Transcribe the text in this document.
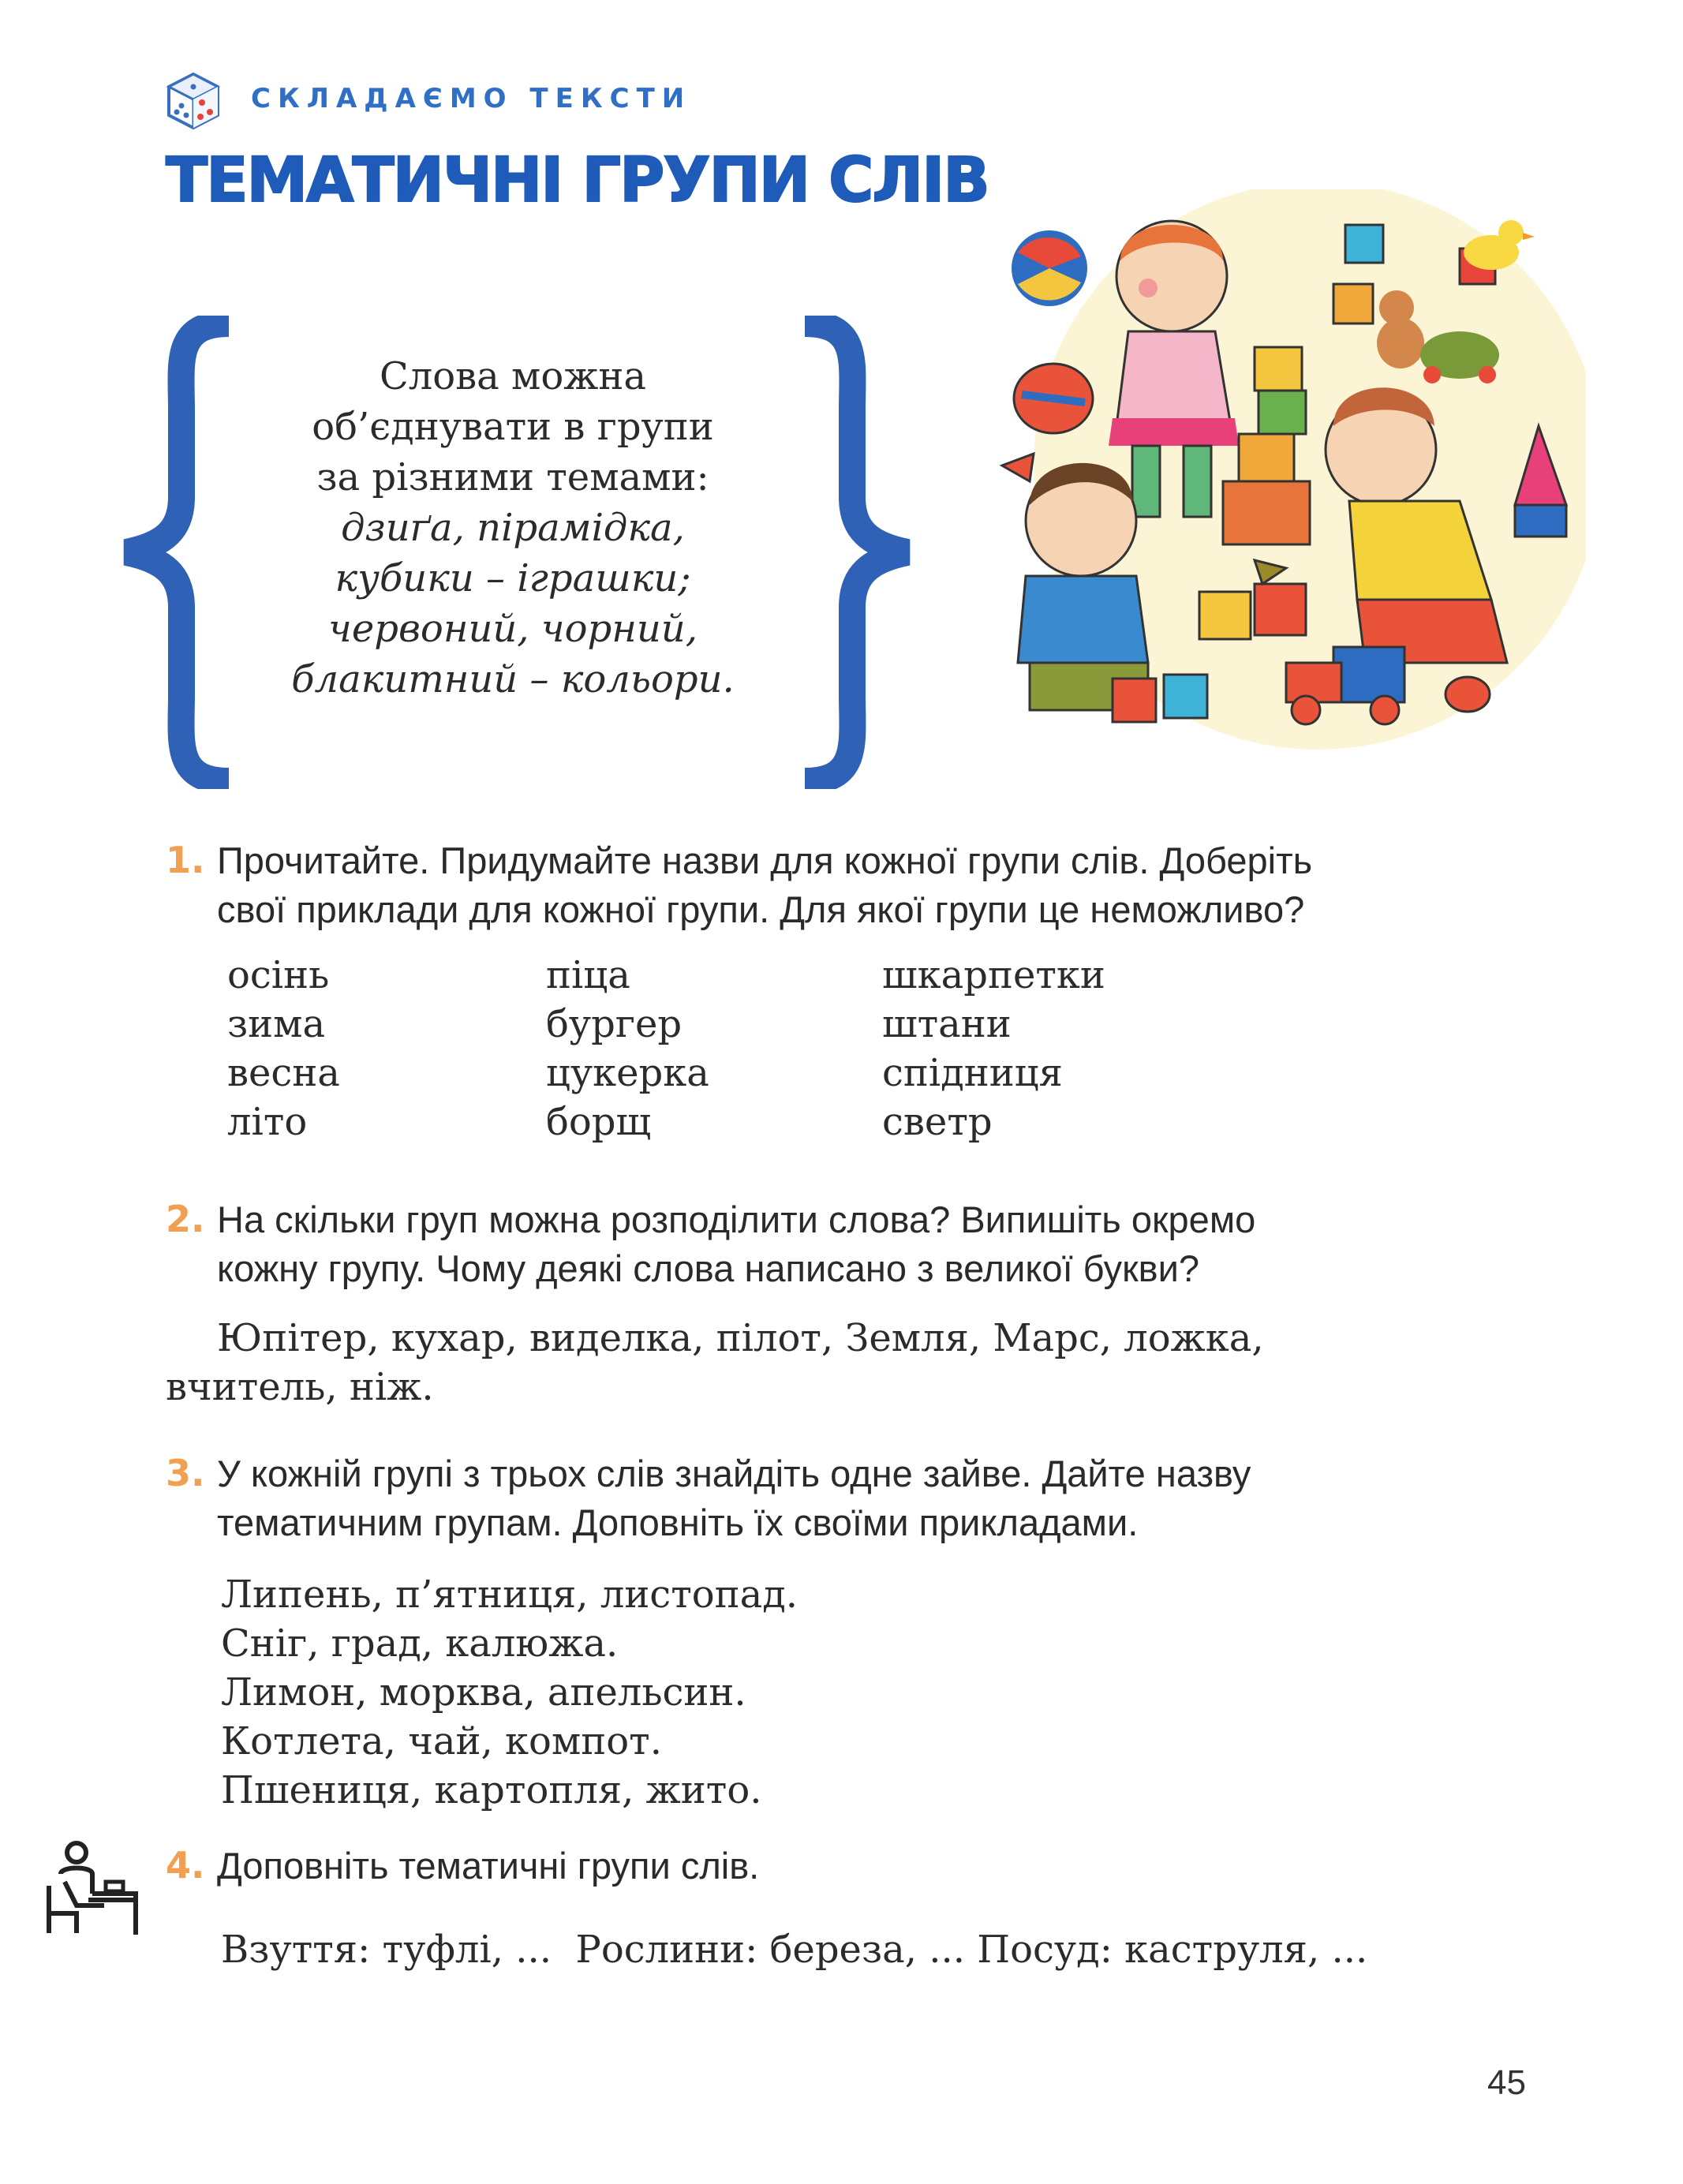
СКЛАДАЄМО ТЕКСТИ
ТЕМАТИЧНІ ГРУПИ СЛІВ
Слова можна
об’єднувати в групи
за різними темами:
дзиґа, пірамідка,
кубики – іграшки;
червоний, чорний,
блакитний – кольори.
1. Прочитайте. Придумайте назви для кожної групи слів. Доберіть
свої приклади для кожної групи. Для якої групи це неможливо?
осінь
зима
весна
літо
піца
бургер
цукерка
борщ
шкарпетки
штани
спідниця
светр
2. На скільки груп можна розподілити слова? Випишіть окремо
кожну групу. Чому деякі слова написано з великої букви?
Юпітер, кухар, виделка, пілот, Земля, Марс, ложка,
вчитель, ніж.
3. У кожній групі з трьох слів знайдіть одне зайве. Дайте назву
тематичним групам. Доповніть їх своїми прикладами.
Липень, п’ятниця, листопад.
Сніг, град, калюжа.
Лимон, морква, апельсин.
Котлета, чай, компот.
Пшениця, картопля, жито.
4. Доповніть тематичні групи слів.
Взуття: туфлі, ...  Рослини: береза, ... Посуд: каструля, ...
45
